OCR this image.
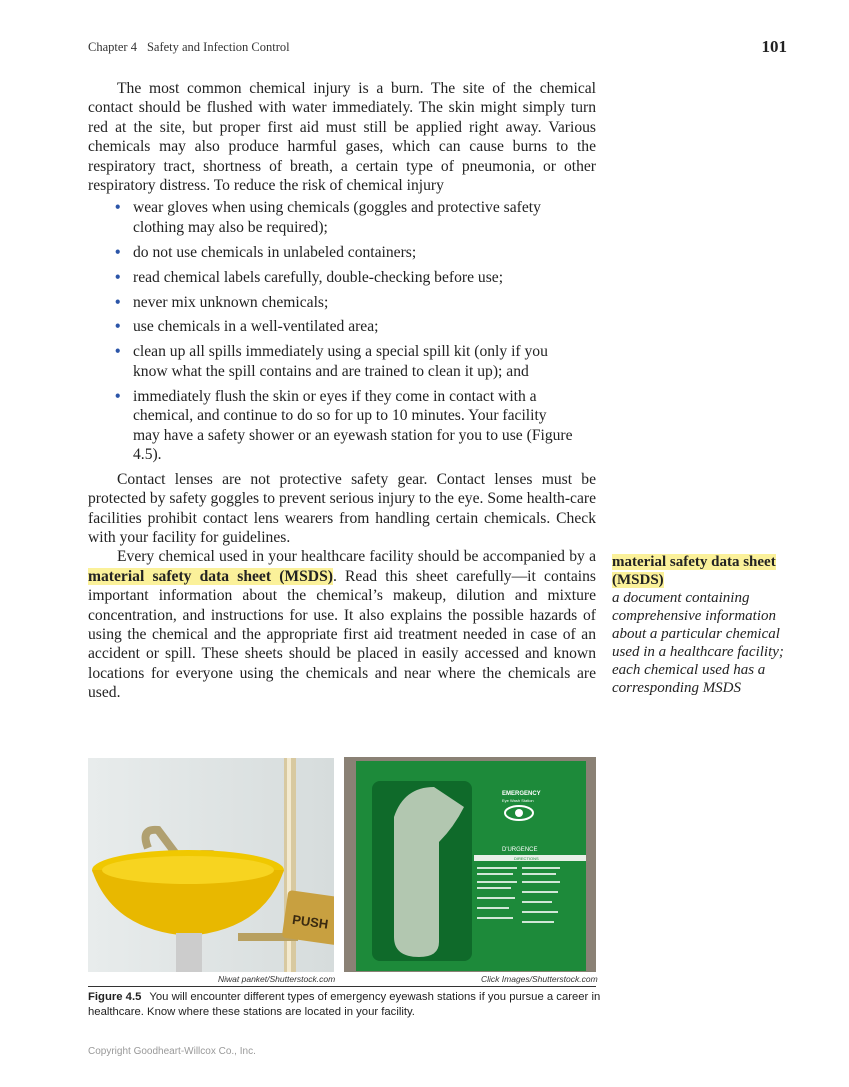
Chapter 4 Safety and Infection Control	101

The most common chemical injury is a burn. The site of the chemical contact should be flushed with water immediately. The skin might simply turn red at the site, but proper first aid must still be applied right away. Various chemicals may also produce harmful gases, which can cause burns to the respiratory tract, shortness of breath, a certain type of pneumonia, or other respiratory distress. To reduce the risk of chemical injury

• wear gloves when using chemicals (goggles and protective safety clothing may also be required);
• do not use chemicals in unlabeled containers;
• read chemical labels carefully, double-checking before use;
• never mix unknown chemicals;
• use chemicals in a well-ventilated area;
• clean up all spills immediately using a special spill kit (only if you know what the spill contains and are trained to clean it up); and
• immediately flush the skin or eyes if they come in contact with a chemical, and continue to do so for up to 10 minutes. Your facility may have a safety shower or an eyewash station for you to use (Figure 4.5).

Contact lenses are not protective safety gear. Contact lenses must be protected by safety goggles to prevent serious injury to the eye. Some health-care facilities prohibit contact lens wearers from handling certain chemicals. Check with your facility for guidelines.

Every chemical used in your healthcare facility should be accompanied by a material safety data sheet (MSDS). Read this sheet carefully—it contains important information about the chemical’s makeup, dilution and mixture concentration, and instructions for use. It also explains the possible hazards of using the chemical and the appropriate first aid treatment needed in case of an accident or spill. These sheets should be placed in easily accessed and known locations for everyone using the chemicals and near where the chemicals are used.

material safety data sheet (MSDS)
a document containing comprehensive information about a particular chemical used in a healthcare facility; each chemical used has a corresponding MSDS
PUSH
EMERGENCY
Eye Wash Station
D'URGENCE
DIRECTIONS
Niwat panket/Shutterstock.com	Click Images/Shutterstock.com
Figure 4.5 You will encounter different types of emergency eyewash stations if you pursue a career in healthcare. Know where these stations are located in your facility.
Copyright Goodheart-Willcox Co., Inc.
